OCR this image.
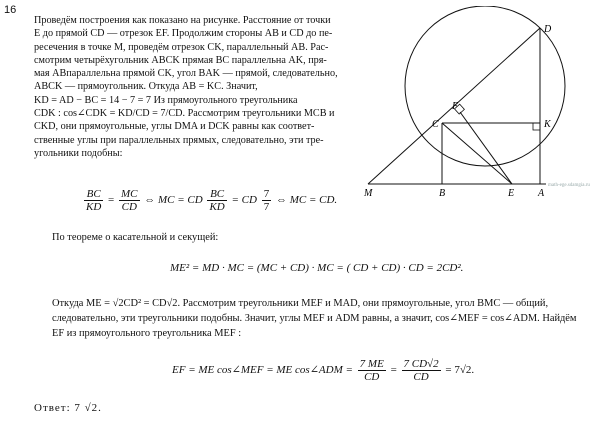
16
Проведём построения как показано на рисунке. Расстояние от точки
E до прямой CD — отрезок EF. Продолжим стороны AB и CD до пе-
ресечения в точке M, проведём отрезок CK, параллельный AB. Рас-
смотрим четырёхугольник ABCK прямая BC параллельна AK, пря-
мая ABпараллельна прямой CK, угол BAK — прямой, следовательно,
ABCK — прямоугольник. Откуда AB = KC. Значит,
KD = AD − BC = 14 − 7 = 7 Из прямоугольного треугольника
CDK : cos∠CDK = KD/CD = 7/CD. Рассмотрим треугольники MCB и
CKD, они прямоугольные, углы DMA и DCK равны как соответ-
ственные углы при параллельных прямых, следовательно, эти тре-
угольники подобны:
D
F
C	K
M	B	E A
math-ege.sdamgia.ru
$\frac{BC}{KD} = \frac{MC}{CD}$ ⇔ MC = CD $\frac{BC}{KD}$ = CD $\frac{7}{7}$ ⇔ MC = CD.
По теореме о касательной и секущей:
ME² = MD · MC = (MC + CD) · MC = ( CD + CD) · CD = 2CD².
Откуда ME = √2CD² = CD√2. Рассмотрим треугольники MEF и MAD, они прямоугольные, угол BMC — общий,
следовательно, эти треугольники подобны. Значит, углы MEF и ADM равны, а значит, cos∠MEF = cos∠ADM. Найдём
EF из прямоугольного треугольника MEF :
EF = ME cos∠MEF = ME cos∠ADM = $\frac{7 ME}{CD} = \frac{7 CD√2}{CD} = 7√2$.
Ответ: 7 √2.
